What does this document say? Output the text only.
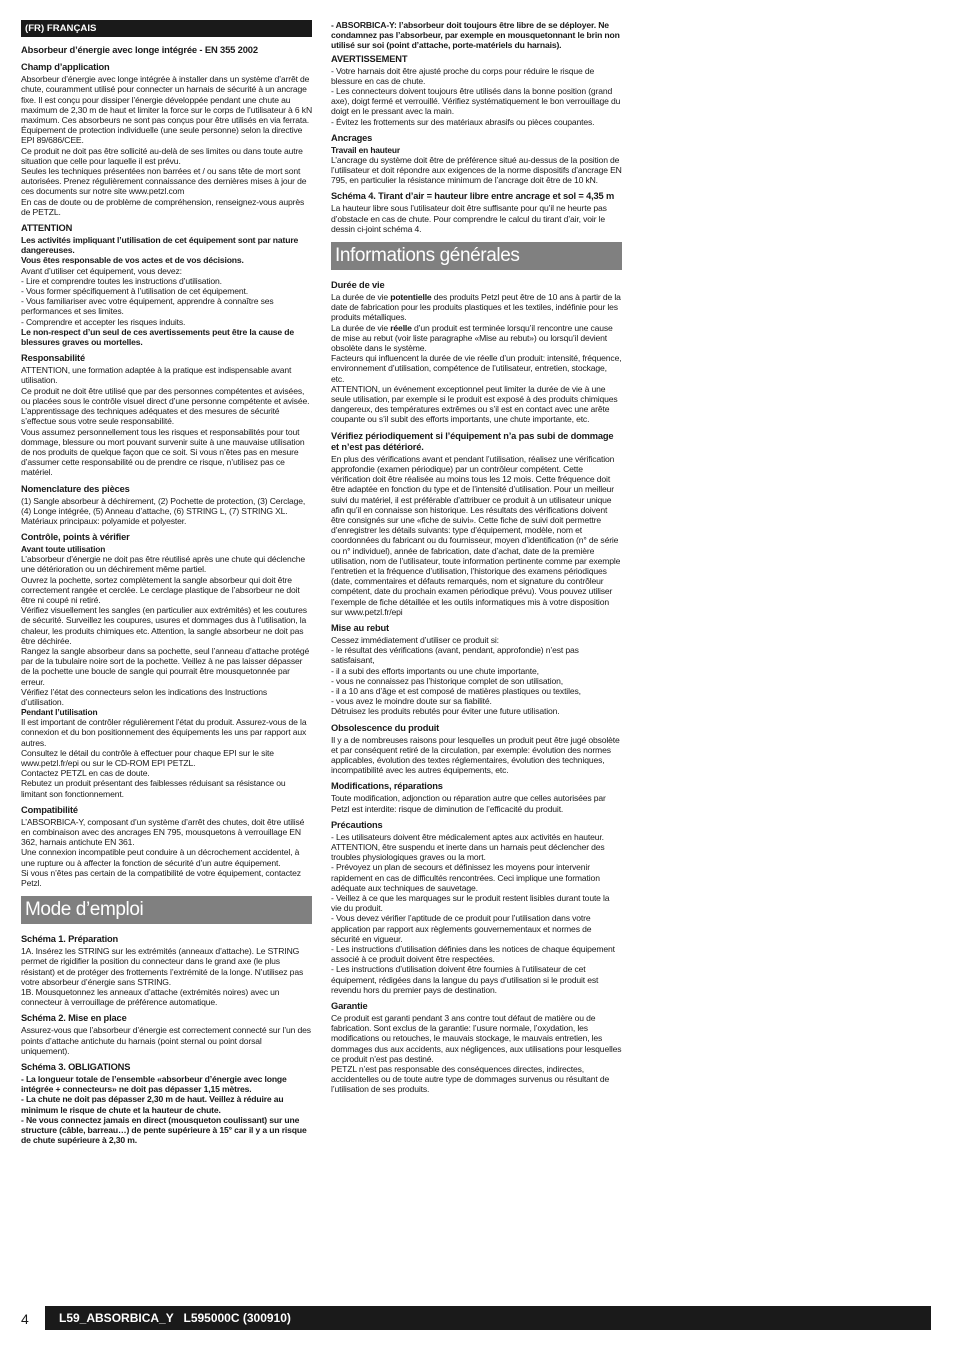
(FR) FRANÇAIS
Absorbeur d’énergie avec longe intégrée - EN 355 2002
Champ d’application

Absorbeur d’énergie avec longe intégrée à installer dans un système d’arrêt de chute, couramment utilisé pour connecter un harnais de sécurité à un ancrage fixe. Il est conçu pour dissiper l’énergie développée pendant une chute au maximum de 2,30 m de haut et limiter la force sur le corps de l’utilisateur à 6 kN maximum. Ces absorbeurs ne sont pas conçus pour être utilisés en via ferrata.
Équipement de protection individuelle (une seule personne) selon la directive EPI 89/686/CEE.
Ce produit ne doit pas être sollicité au-delà de ses limites ou dans toute autre situation que celle pour laquelle il est prévu.
Seules les techniques présentées non barrées et / ou sans tête de mort sont autorisées. Prenez régulièrement connaissance des dernières mises à jour de ces documents sur notre site www.petzl.com
En cas de doute ou de problème de compréhension, renseignez-vous auprès de PETZL.

ATTENTION

Les activités impliquant l’utilisation de cet équipement sont par nature dangereuses.

Vous êtes responsable de vos actes et de vos décisions.

Avant d’utiliser cet équipement, vous devez:
- Lire et comprendre toutes les instructions d’utilisation.
- Vous former spécifiquement à l’utilisation de cet équipement.
- Vous familiariser avec votre équipement, apprendre à connaître ses performances et ses limites.
- Comprendre et accepter les risques induits.

Le non-respect d’un seul de ces avertissements peut être la cause de blessures graves ou mortelles.

Responsabilité

ATTENTION, une formation adaptée à la pratique est indispensable avant utilisation.
Ce produit ne doit être utilisé que par des personnes compétentes et avisées, ou placées sous le contrôle visuel direct d’une personne compétente et avisée.
L’apprentissage des techniques adéquates et des mesures de sécurité s’effectue sous votre seule responsabilité.
Vous assumez personnellement tous les risques et responsabilités pour tout dommage, blessure ou mort pouvant survenir suite à une mauvaise utilisation de nos produits de quelque façon que ce soit. Si vous n’êtes pas en mesure d’assumer cette responsabilité ou de prendre ce risque, n’utilisez pas ce matériel.

Nomenclature des pièces

(1) Sangle absorbeur à déchirement, (2) Pochette de protection, (3) Cerclage, (4) Longe intégrée, (5) Anneau d’attache, (6) STRING L, (7) STRING XL.
Matériaux principaux: polyamide et polyester.

Contrôle, points à vérifier
Avant toute utilisation

L’absorbeur d’énergie ne doit pas être réutilisé après une chute qui déclenche une détérioration ou un déchirement même partiel.
Ouvrez la pochette, sortez complètement la sangle absorbeur qui doit être correctement rangée et cerclée. Le cerclage plastique de l’absorbeur ne doit être ni coupé ni retiré.
Vérifiez visuellement les sangles (en particulier aux extrémités) et les coutures de sécurité. Surveillez les coupures, usures et dommages dus à l’utilisation, la chaleur, les produits chimiques etc. Attention, la sangle absorbeur ne doit pas être déchirée.
Rangez la sangle absorbeur dans sa pochette, seul l’anneau d’attache protégé par de la tubulaire noire sort de la pochette. Veillez à ne pas laisser dépasser de la pochette une boucle de sangle qui pourrait être mousquetonnée par erreur.
Vérifiez l’état des connecteurs selon les indications des Instructions d’utilisation.

Pendant l’utilisation

Il est important de contrôler régulièrement l’état du produit. Assurez-vous de la connexion et du bon positionnement des équipements les uns par rapport aux autres.
Consultez le détail du contrôle à effectuer pour chaque EPI sur le site www.petzl.fr/epi ou sur le CD-ROM EPI PETZL.
Contactez PETZL en cas de doute.
Rebutez un produit présentant des faiblesses réduisant sa résistance ou limitant son fonctionnement.

Compatibilité

L’ABSORBICA-Y, composant d’un système d’arrêt des chutes, doit être utilisé en combinaison avec des ancrages EN 795, mousquetons à verrouillage EN 362, harnais antichute EN 361.
Une connexion incompatible peut conduire à un décrochement accidentel, à une rupture ou à affecter la fonction de sécurité d’un autre équipement.
Si vous n’êtes pas certain de la compatibilité de votre équipement, contactez Petzl.

Mode d’emploi
Schéma 1. Préparation

1A. Insérez les STRING sur les extrémités (anneaux d’attache). Le STRING permet de rigidifier la position du connecteur dans le grand axe (le plus résistant) et de protéger des frottements l’extrémité de la longe. N’utilisez pas votre absorbeur d’énergie sans STRING.
1B. Mousquetonnez les anneaux d’attache (extrémités noires) avec un connecteur à verrouillage de préférence automatique.

Schéma 2. Mise en place

Assurez-vous que l’absorbeur d’énergie est correctement connecté sur l’un des points d’attache antichute du harnais (point sternal ou point dorsal uniquement).

Schéma 3. OBLIGATIONS

- La longueur totale de l’ensemble «absorbeur d’énergie avec longe intégrée + connecteurs» ne doit pas dépasser 1,15 mètres.
- La chute ne doit pas dépasser 2,30 m de haut. Veillez à réduire au minimum le risque de chute et la hauteur de chute.
- Ne vous connectez jamais en direct (mousqueton coulissant) sur une structure (câble, barreau…) de pente supérieure à 15° car il y a un risque de chute supérieure à 2,30 m.

- ABSORBICA-Y: l’absorbeur doit toujours être libre de se déployer. Ne condamnez pas l’absorbeur, par exemple en mousquetonnant le brin non utilisé sur soi (point d’attache, porte-matériels du harnais).

AVERTISSEMENT

- Votre harnais doit être ajusté proche du corps pour réduire le risque de blessure en cas de chute.
- Les connecteurs doivent toujours être utilisés dans la bonne position (grand axe), doigt fermé et verrouillé. Vérifiez systématiquement le bon verrouillage du doigt en le pressant avec la main.
- Évitez les frottements sur des matériaux abrasifs ou pièces coupantes.

Ancrages
Travail en hauteur

L’ancrage du système doit être de préférence situé au-dessus de la position de l’utilisateur et doit répondre aux exigences de la norme dispositifs d’ancrage EN 795, en particulier la résistance minimum de l’ancrage doit être de 10 kN.

Schéma 4. Tirant d’air = hauteur libre entre ancrage et sol = 4,35 m

La hauteur libre sous l’utilisateur doit être suffisante pour qu’il ne heurte pas d’obstacle en cas de chute. Pour comprendre le calcul du tirant d’air, voir le dessin ci-joint schéma 4.

Informations générales
Durée de vie

La durée de vie potentielle des produits Petzl peut être de 10 ans à partir de la date de fabrication pour les produits plastiques et les textiles, indéfinie pour les produits métalliques.

La durée de vie réelle d’un produit est terminée lorsqu’il rencontre une cause de mise au rebut (voir liste paragraphe «Mise au rebut») ou lorsqu’il devient obsolète dans le système.

Facteurs qui influencent la durée de vie réelle d’un produit: intensité, fréquence, environnement d’utilisation, compétence de l’utilisateur, entretien, stockage, etc.
ATTENTION, un événement exceptionnel peut limiter la durée de vie à une seule utilisation, par exemple si le produit est exposé à des produits chimiques dangereux, des températures extrêmes ou s’il est en contact avec une arête coupante ou s’il subit des efforts importants, une chute importante, etc.

Vérifiez périodiquement si l’équipement n’a pas subi de dommage et n’est pas détérioré.

En plus des vérifications avant et pendant l’utilisation, réalisez une vérification approfondie (examen périodique) par un contrôleur compétent. Cette vérification doit être réalisée au moins tous les 12 mois. Cette fréquence doit être adaptée en fonction du type et de l’intensité d’utilisation. Pour un meilleur suivi du matériel, il est préférable d’attribuer ce produit à un utilisateur unique afin qu’il en connaisse son historique. Les résultats des vérifications doivent être consignés sur une «fiche de suivi». Cette fiche de suivi doit permettre d’enregistrer les détails suivants: type d’équipement, modèle, nom et coordonnées du fabricant ou du fournisseur, moyen d’identification (n° de série ou n° individuel), année de fabrication, date d’achat, date de la première utilisation, nom de l’utilisateur, toute information pertinente comme par exemple l’entretien et la fréquence d’utilisation, l’historique des examens périodiques (date, commentaires et défauts remarqués, nom et signature du contrôleur compétent, date du prochain examen périodique prévu). Vous pouvez utiliser l’exemple de fiche détaillée et les outils informatiques mis à votre disposition sur www.petzl.fr/epi

Mise au rebut

Cessez immédiatement d’utiliser ce produit si:
- le résultat des vérifications (avant, pendant, approfondie) n’est pas satisfaisant,
- il a subi des efforts importants ou une chute importante,
- vous ne connaissez pas l’historique complet de son utilisation,
- il a 10 ans d’âge et est composé de matières plastiques ou textiles,
- vous avez le moindre doute sur sa fiabilité.
Détruisez les produits rebutés pour éviter une future utilisation.

Obsolescence du produit

Il y a de nombreuses raisons pour lesquelles un produit peut être jugé obsolète et par conséquent retiré de la circulation, par exemple: évolution des normes applicables, évolution des textes réglementaires, évolution des techniques, incompatibilité avec les autres équipements, etc.

Modifications, réparations

Toute modification, adjonction ou réparation autre que celles autorisées par Petzl est interdite: risque de diminution de l’efficacité du produit.

Précautions

- Les utilisateurs doivent être médicalement aptes aux activités en hauteur. ATTENTION, être suspendu et inerte dans un harnais peut déclencher des troubles physiologiques graves ou la mort.
- Prévoyez un plan de secours et définissez les moyens pour intervenir rapidement en cas de difficultés rencontrées. Ceci implique une formation adéquate aux techniques de sauvetage.
- Veillez à ce que les marquages sur le produit restent lisibles durant toute la vie du produit.
- Vous devez vérifier l’aptitude de ce produit pour l’utilisation dans votre application par rapport aux règlements gouvernementaux et normes de sécurité en vigueur.
- Les instructions d’utilisation définies dans les notices de chaque équipement associé à ce produit doivent être respectées.
- Les instructions d’utilisation doivent être fournies à l’utilisateur de cet équipement, rédigées dans la langue du pays d’utilisation si le produit est revendu hors du premier pays de destination.

Garantie

Ce produit est garanti pendant 3 ans contre tout défaut de matière ou de fabrication. Sont exclus de la garantie: l’usure normale, l’oxydation, les modifications ou retouches, le mauvais stockage, le mauvais entretien, les dommages dus aux accidents, aux négligences, aux utilisations pour lesquelles ce produit n’est pas destiné.
PETZL n’est pas responsable des conséquences directes, indirectes, accidentelles ou de toute autre type de dommages survenus ou résultant de l’utilisation de ses produits.

4	L59_ABSORBICA_Y   L595000C (300910)
